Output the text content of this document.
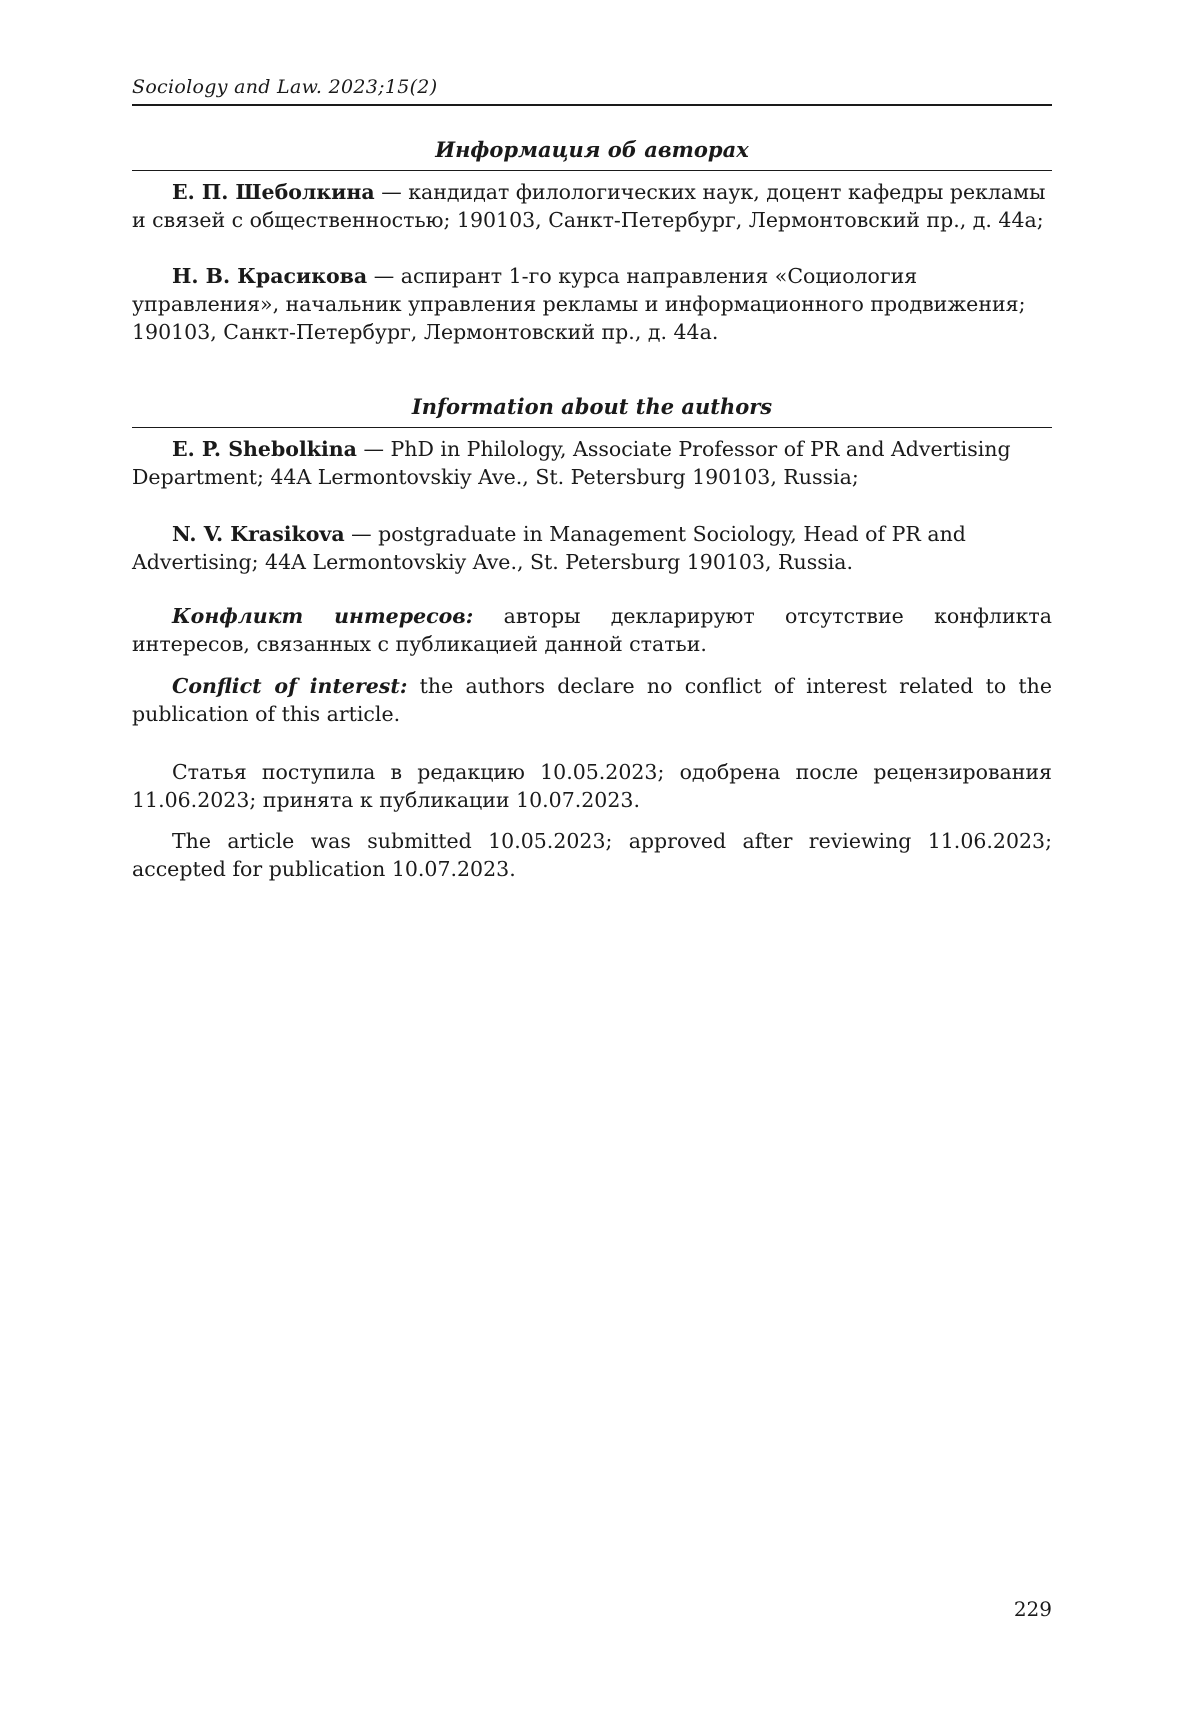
Sociology and Law. 2023;15(2)
Информация об авторах
Е. П. Шеболкина — кандидат филологических наук, доцент кафедры рекламы и связей с общественностью; 190103, Санкт-Петербург, Лермонтовский пр., д. 44а;
Н. В. Красикова — аспирант 1-го курса направления «Социология управления», начальник управления рекламы и информационного продвижения; 190103, Санкт-Петербург, Лермонтовский пр., д. 44а.
Information about the authors
E. P. Shebolkina — PhD in Philology, Associate Professor of PR and Advertising Department; 44A Lermontovskiy Ave., St. Petersburg 190103, Russia;
N. V. Krasikova — postgraduate in Management Sociology, Head of PR and Advertising; 44A Lermontovskiy Ave., St. Petersburg 190103, Russia.
Конфликт интересов: авторы декларируют отсутствие конфликта интересов, связанных с публикацией данной статьи.
Conflict of interest: the authors declare no conflict of interest related to the publication of this article.
Статья поступила в редакцию 10.05.2023; одобрена после рецензирования 11.06.2023; принята к публикации 10.07.2023.
The article was submitted 10.05.2023; approved after reviewing 11.06.2023; accepted for publication 10.07.2023.
229
